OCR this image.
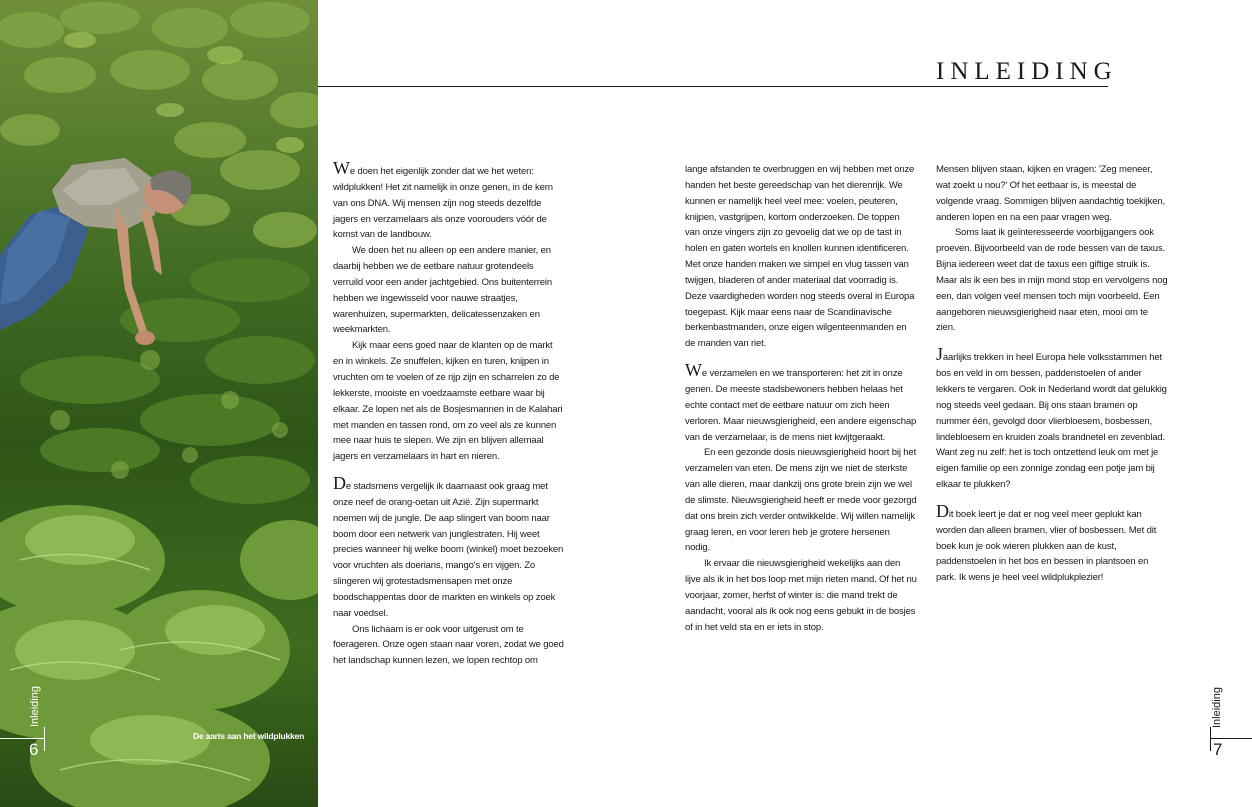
De aarts aan het wildplukken
Inleiding
6
INLEIDING

We doen het eigenlijk zonder dat we het weten: wildplukken! Het zit namelijk in onze genen, in de kern van ons DNA. Wij mensen zijn nog steeds dezelfde jagers en verzamelaars als onze voorouders vóór de komst van de landbouw.

We doen het nu alleen op een andere manier, en daarbij hebben we de eetbare natuur grotendeels verruild voor een ander jachtgebied. Ons buitenterrein hebben we ingewisseld voor nauwe straatjes, warenhuizen, supermarkten, delicatessenzaken en weekmarkten.

Kijk maar eens goed naar de klanten op de markt en in winkels. Ze snuffelen, kijken en turen, knijpen in vruchten om te voelen of ze rijp zijn en scharrelen zo de lekkerste, mooiste en voedzaamste eetbare waar bij elkaar. Ze lopen net als de Bosjesmannen in de Kalahari met manden en tassen rond, om zo veel als ze kunnen mee naar huis te slepen. We zijn en blijven allemaal jagers en verzamelaars in hart en nieren.

De stadsmens vergelijk ik daarnaast ook graag met onze neef de orang-oetan uit Azië. Zijn supermarkt noemen wij de jungle. De aap slingert van boom naar boom door een netwerk van junglestraten. Hij weet precies wanneer hij welke boom (winkel) moet bezoeken voor vruchten als doerians, mango's en vijgen. Zo slingeren wij grotestadsmensapen met onze boodschappentas door de markten en winkels op zoek naar voedsel.

Ons lichaam is er ook voor uitgerust om te foerageren. Onze ogen staan naar voren, zodat we goed het landschap kunnen lezen, we lopen rechtop om

lange afstanden te overbruggen en wij hebben met onze handen het beste gereedschap van het dierenrijk. We kunnen er namelijk heel veel mee: voelen, peuteren, knijpen, vastgrijpen, kortom onderzoeken. De toppen van onze vingers zijn zo gevoelig dat we op de tast in holen en gaten wortels en knollen kunnen identificeren. Met onze handen maken we simpel en vlug tassen van twijgen, bladeren of ander materiaal dat voorradig is. Deze vaardigheden worden nog steeds overal in Europa toegepast. Kijk maar eens naar de Scandinavische berkenbastmanden, onze eigen wilgenteenmanden en de manden van riet.

We verzamelen en we transporteren: het zit in onze genen. De meeste stadsbewoners hebben helaas het echte contact met de eetbare natuur om zich heen verloren. Maar nieuwsgierigheid, een andere eigenschap van de verzamelaar, is de mens niet kwijtgeraakt.

En een gezonde dosis nieuwsgierigheid hoort bij het verzamelen van eten. De mens zijn we niet de sterkste van alle dieren, maar dankzij ons grote brein zijn we wel de slimste. Nieuwsgierigheid heeft er mede voor gezorgd dat ons brein zich verder ontwikkelde. Wij willen namelijk graag leren, en voor leren heb je grotere hersenen nodig.

Ik ervaar die nieuwsgierigheid wekelijks aan den lijve als ik in het bos loop met mijn rieten mand. Of het nu voorjaar, zomer, herfst of winter is: die mand trekt de aandacht, vooral als ik ook nog eens gebukt in de bosjes of in het veld sta en er iets in stop.

Mensen blijven staan, kijken en vragen: 'Zeg meneer, wat zoekt u nou?' Of het eetbaar is, is meestal de volgende vraag. Sommigen blijven aandachtig toekijken, anderen lopen en na een paar vragen weg.

Soms laat ik geïnteresseerde voorbijgangers ook proeven. Bijvoorbeeld van de rode bessen van de taxus. Bijna iedereen weet dat de taxus een giftige struik is. Maar als ik een bes in mijn mond stop en vervolgens nog een, dan volgen veel mensen toch mijn voorbeeld. Een aangeboren nieuwsgierigheid naar eten, mooi om te zien.

Jaarlijks trekken in heel Europa hele volksstammen het bos en veld in om bessen, paddenstoelen of ander lekkers te vergaren. Ook in Nederland wordt dat gelukkig nog steeds veel gedaan. Bij ons staan bramen op nummer één, gevolgd door vlierbloesem, bosbessen, lindebloesem en kruiden zoals brandnetel en zevenblad. Want zeg nu zelf: het is toch ontzettend leuk om met je eigen familie op een zonnige zondag een potje jam bij elkaar te plukken?

Dit boek leert je dat er nog veel meer geplukt kan worden dan alleen bramen, vlier of bosbessen. Met dit boek kun je ook wieren plukken aan de kust, paddenstoelen in het bos en bessen in plantsoen en park. Ik wens je heel veel wildplukplezier!

Inleiding
7
